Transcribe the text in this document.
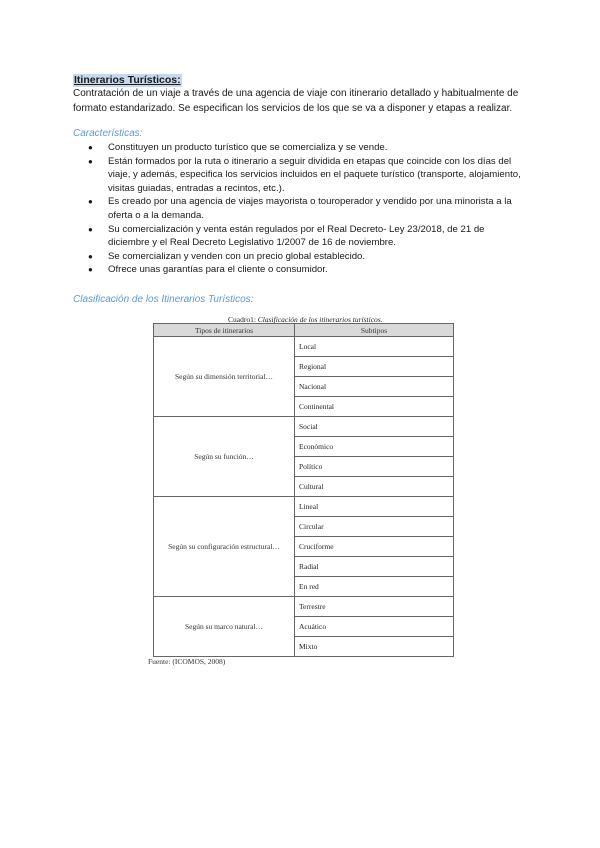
Itinerarios Turísticos:
Contratación de un viaje a través de una agencia de viaje con itinerario detallado y habitualmente de formato estandarizado. Se especifican los servicios de los que se va a disponer y etapas a realizar.
Características:
● Constituyen un producto turístico que se comercializa y se vende.
● Están formados por la ruta o itinerario a seguir dividida en etapas que coincide con los días del viaje, y además, especifica los servicios incluidos en el paquete turístico (transporte, alojamiento, visitas guiadas, entradas a recintos, etc.).
● Es creado por una agencia de viajes mayorista o touroperador y vendido por una minorista a la oferta o a la demanda.
● Su comercialización y venta están regulados por el Real Decreto- Ley 23/2018, de 21 de diciembre y el Real Decreto Legislativo 1/2007 de 16 de noviembre.
● Se comercializan y venden con un precio global establecido.
● Ofrece unas garantías para el cliente o consumidor.
Clasificación de los Itinerarios Turísticos:
Cuadro1: Clasificación de los itinerarios turísticos.
Tipos de itinerarios	Subtipos
Según su dimensión territorial…	Local
	Regional
	Nacional
	Continental
Según su función…	Social
	Económico
	Político
	Cultural
Según su configuración estructural…	Lineal
	Circular
	Cruciforme
	Radial
	En red
Según su marco natural…	Terrestre
	Acuático
	Mixto
Fuente: (ICOMOS, 2008)
